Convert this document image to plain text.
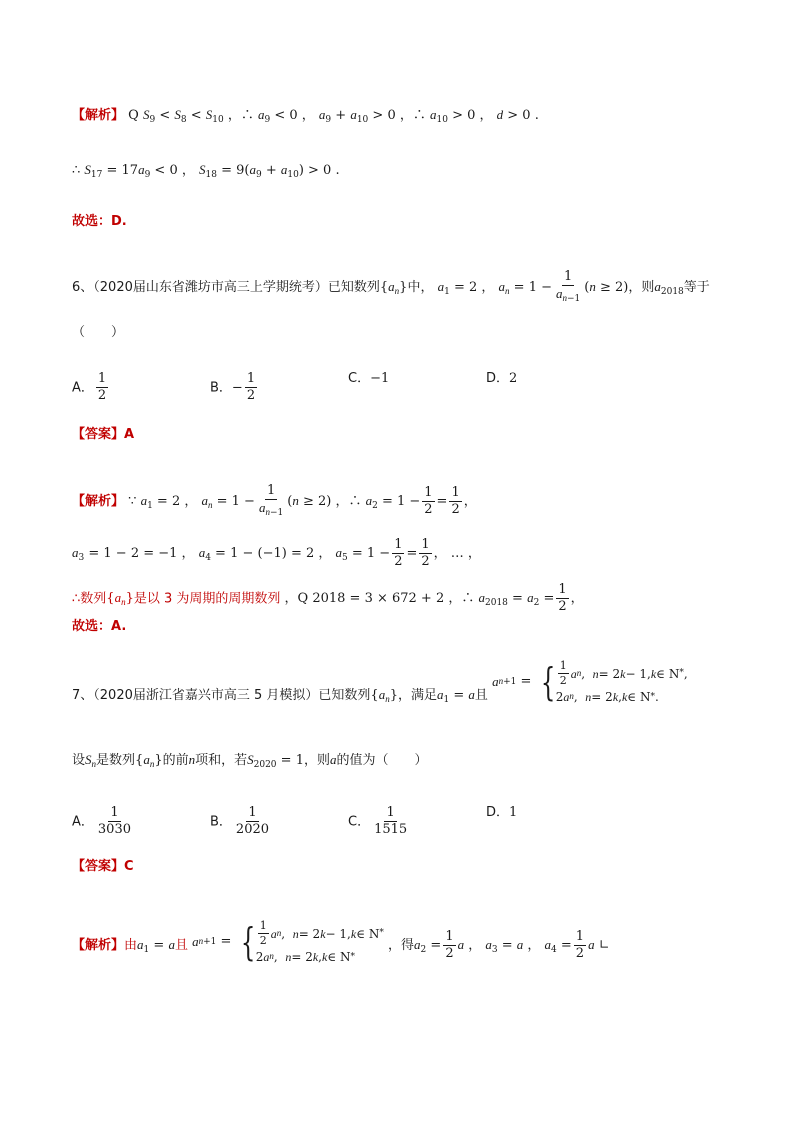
【解析】 Q $S_9 < S_8 < S_{10}$ ，∴ $a_9 < 0$ ， $a_9 + a_{10} > 0$ ，∴ $a_{10} > 0$ ， d > 0 .
∴ $S_{17} = 17a_9 < 0$ ， $S_{18} = 9(a_9 + a_{10}) > 0$ .
故选：D.
6、（2020届山东省潍坊市高三上学期统考）已知数列$\{a_n\}$中， $a_1 = 2$ ， $a_n = 1 - \frac{1}{a_{n-1}} (n \ge 2)$，则$a_{2018}$等于
（　　）
A． $\frac{1}{2}$	B．− $\frac{1}{2}$	C．−1	D．2
【答案】A
【解析】 ∵ $a_1 = 2$ ， $a_n = 1 - \frac{1}{a_{n-1}} (n \ge 2)$ ，∴ $a_2 = 1 - \frac{1}{2} = \frac{1}{2}$ ，
$a_3 = 1 - 2 = -1$ ， $a_4 = 1 - (-1) = 2$ ， $a_5 = 1 - \frac{1}{2} = \frac{1}{2}$ ， … ，
∴数列$\{a_n\}$是以 3 为周期的周期数列 ，Q 2018 = 3 × 672 + 2 ，∴ $a_{2018} = a_2 = \frac{1}{2}$ ，
故选：A.
7、（2020届浙江省嘉兴市高三 5 月模拟）已知数列$\{a_n\}$，满足$a_1 = a$且
a n+1 = { $\frac{1}{2}$ a n , n = 2 k − 1, k ∈ N * ,
2 a n , n = 2 k , k ∈ N * .
设$S_n$是数列$\{a_n\}$的前n项和，若$S_{2020} = 1$，则a的值为（　　）
A． $\frac{1}{3030}$	B． $\frac{1}{2020}$	C． $\frac{1}{1515}$	D．1
【答案】C
【解析】由$a_1 = a$且 a n+1 = { $\frac{1}{2}$ a n , n = 2 k − 1, k ∈ N *
2 a n , n = 2 k , k ∈ N *
，得$a_2 = \frac{1}{2}$ a ， $a_3 = a$ ， $a_4 = \frac{1}{2}$ a ∟
